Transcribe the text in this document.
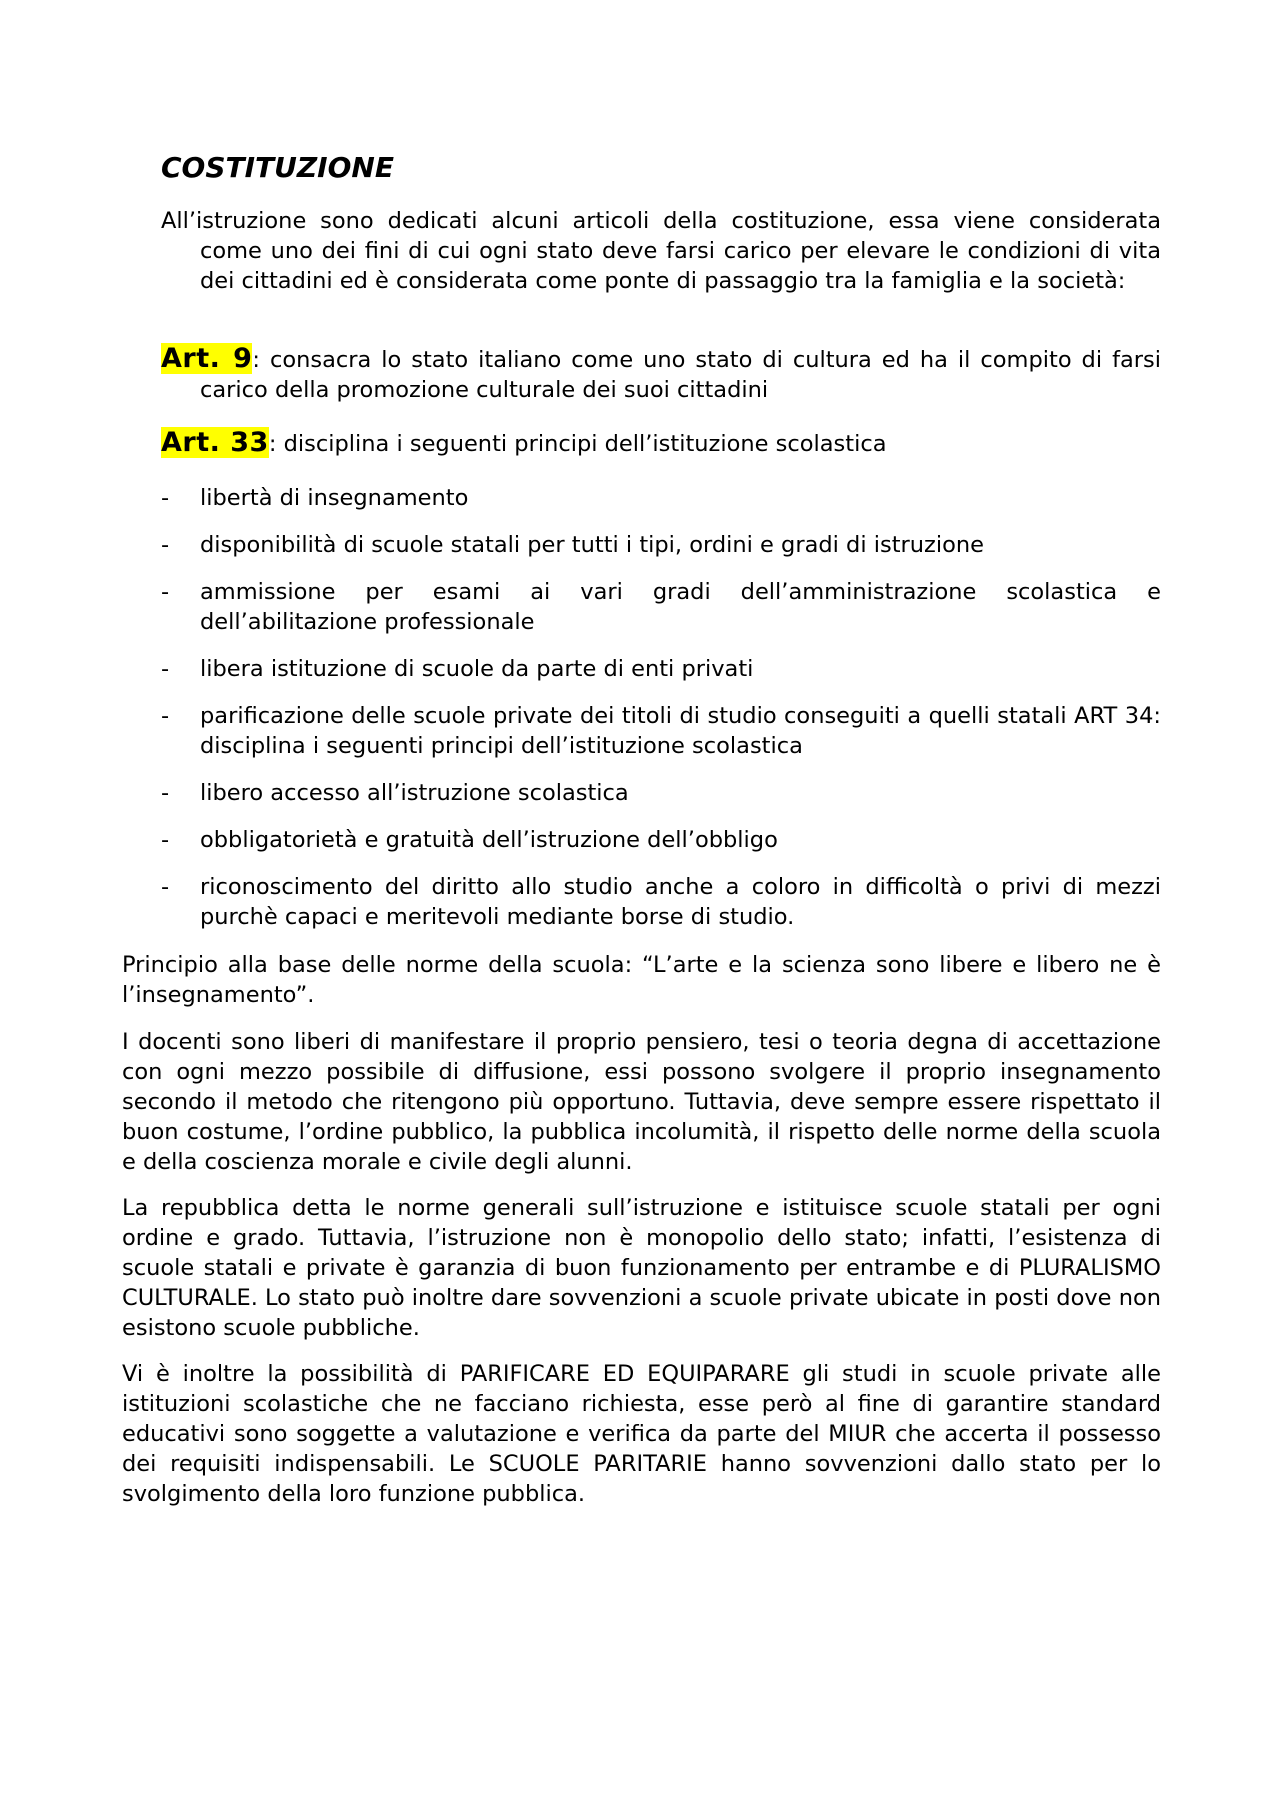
COSTITUZIONE
All’istruzione sono dedicati alcuni articoli della costituzione, essa viene considerata come uno dei fini di cui ogni stato deve farsi carico per elevare le condizioni di vita dei cittadini ed è considerata come ponte di passaggio tra la famiglia e la società:
Art. 9: consacra lo stato italiano come uno stato di cultura ed ha il compito di farsi carico della promozione culturale dei suoi cittadini
Art. 33: disciplina i seguenti principi dell’istituzione scolastica
- libertà di insegnamento
- disponibilità di scuole statali per tutti i tipi, ordini e gradi di istruzione
- ammissione per esami ai vari gradi dell’amministrazione scolastica e dell’abilitazione professionale
- libera istituzione di scuole da parte di enti privati
- parificazione delle scuole private dei titoli di studio conseguiti a quelli statali ART 34: disciplina i seguenti principi dell’istituzione scolastica
- libero accesso all’istruzione scolastica
- obbligatorietà e gratuità dell’istruzione dell’obbligo
- riconoscimento del diritto allo studio anche a coloro in difficoltà o privi di mezzi purchè capaci e meritevoli mediante borse di studio.
Principio alla base delle norme della scuola: “L’arte e la scienza sono libere e libero ne è l’insegnamento”.
I docenti sono liberi di manifestare il proprio pensiero, tesi o teoria degna di accettazione con ogni mezzo possibile di diffusione, essi possono svolgere il proprio insegnamento secondo il metodo che ritengono più opportuno. Tuttavia, deve sempre essere rispettato il buon costume, l’ordine pubblico, la pubblica incolumità, il rispetto delle norme della scuola e della coscienza morale e civile degli alunni.
La repubblica detta le norme generali sull’istruzione e istituisce scuole statali per ogni ordine e grado. Tuttavia, l’istruzione non è monopolio dello stato; infatti, l’esistenza di scuole statali e private è garanzia di buon funzionamento per entrambe e di PLURALISMO CULTURALE. Lo stato può inoltre dare sovvenzioni a scuole private ubicate in posti dove non esistono scuole pubbliche.
Vi è inoltre la possibilità di PARIFICARE ED EQUIPARARE gli studi in scuole private alle istituzioni scolastiche che ne facciano richiesta, esse però al fine di garantire standard educativi sono soggette a valutazione e verifica da parte del MIUR che accerta il possesso dei requisiti indispensabili. Le SCUOLE PARITARIE hanno sovvenzioni dallo stato per lo svolgimento della loro funzione pubblica.
